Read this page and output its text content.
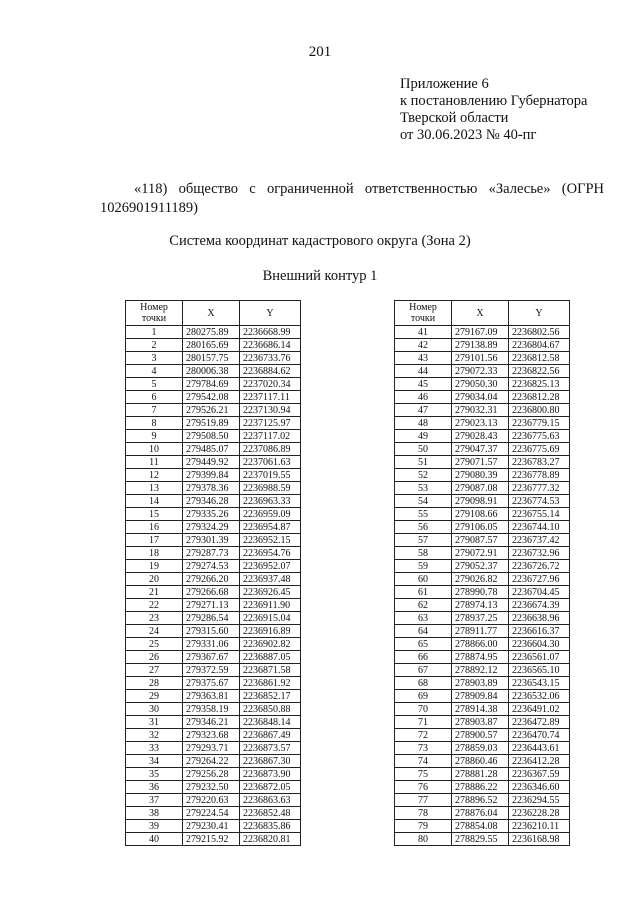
201
Приложение 6
к постановлению Губернатора
Тверской области
от 30.06.2023 № 40-пг
«118) общество с ограниченной ответственностью «Залесье» (ОГРН
1026901911189)
Система координат кадастрового округа (Зона 2)
Внешний контур 1
Номер
точки	X	Y
1	280275.89	2236668.99
2	280165.69	2236686.14
3	280157.75	2236733.76
4	280006.38	2236884.62
5	279784.69	2237020.34
6	279542.08	2237117.11
7	279526.21	2237130.94
8	279519.89	2237125.97
9	279508.50	2237117.02
10	279485.07	2237086.89
11	279449.92	2237061.63
12	279399.84	2237019.55
13	279378.36	2236988.59
14	279346.28	2236963.33
15	279335.26	2236959.09
16	279324.29	2236954.87
17	279301.39	2236952.15
18	279287.73	2236954.76
19	279274.53	2236952.07
20	279266.20	2236937.48
21	279266.68	2236926.45
22	279271.13	2236911.90
23	279286.54	2236915.04
24	279315.60	2236916.89
25	279331.06	2236902.82
26	279367.67	2236887.05
27	279372.59	2236871.58
28	279375.67	2236861.92
29	279363.81	2236852.17
30	279358.19	2236850.88
31	279346.21	2236848.14
32	279323.68	2236867.49
33	279293.71	2236873.57
34	279264.22	2236867.30
35	279256.28	2236873.90
36	279232.50	2236872.05
37	279220.63	2236863.63
38	279224.54	2236852.48
39	279230.41	2236835.86
40	279215.92	2236820.81
Номер
точки	X	Y
41	279167.09	2236802.56
42	279138.89	2236804.67
43	279101.56	2236812.58
44	279072.33	2236822.56
45	279050.30	2236825.13
46	279034.04	2236812.28
47	279032.31	2236800.80
48	279023.13	2236779.15
49	279028.43	2236775.63
50	279047.37	2236775.69
51	279071.57	2236783.27
52	279080.39	2236778.89
53	279087.08	2236777.32
54	279098.91	2236774.53
55	279108.66	2236755.14
56	279106.05	2236744.10
57	279087.57	2236737.42
58	279072.91	2236732.96
59	279052.37	2236726.72
60	279026.82	2236727.96
61	278990.78	2236704.45
62	278974.13	2236674.39
63	278937.25	2236638.96
64	278911.77	2236616.37
65	278866.00	2236604.30
66	278874.95	2236561.07
67	278892.12	2236565.10
68	278903.89	2236543.15
69	278909.84	2236532.06
70	278914.38	2236491.02
71	278903.87	2236472.89
72	278900.57	2236470.74
73	278859.03	2236443.61
74	278860.46	2236412.28
75	278881.28	2236367.59
76	278886.22	2236346.60
77	278896.52	2236294.55
78	278876.04	2236228.28
79	278854.08	2236210.11
80	278829.55	2236168.98
